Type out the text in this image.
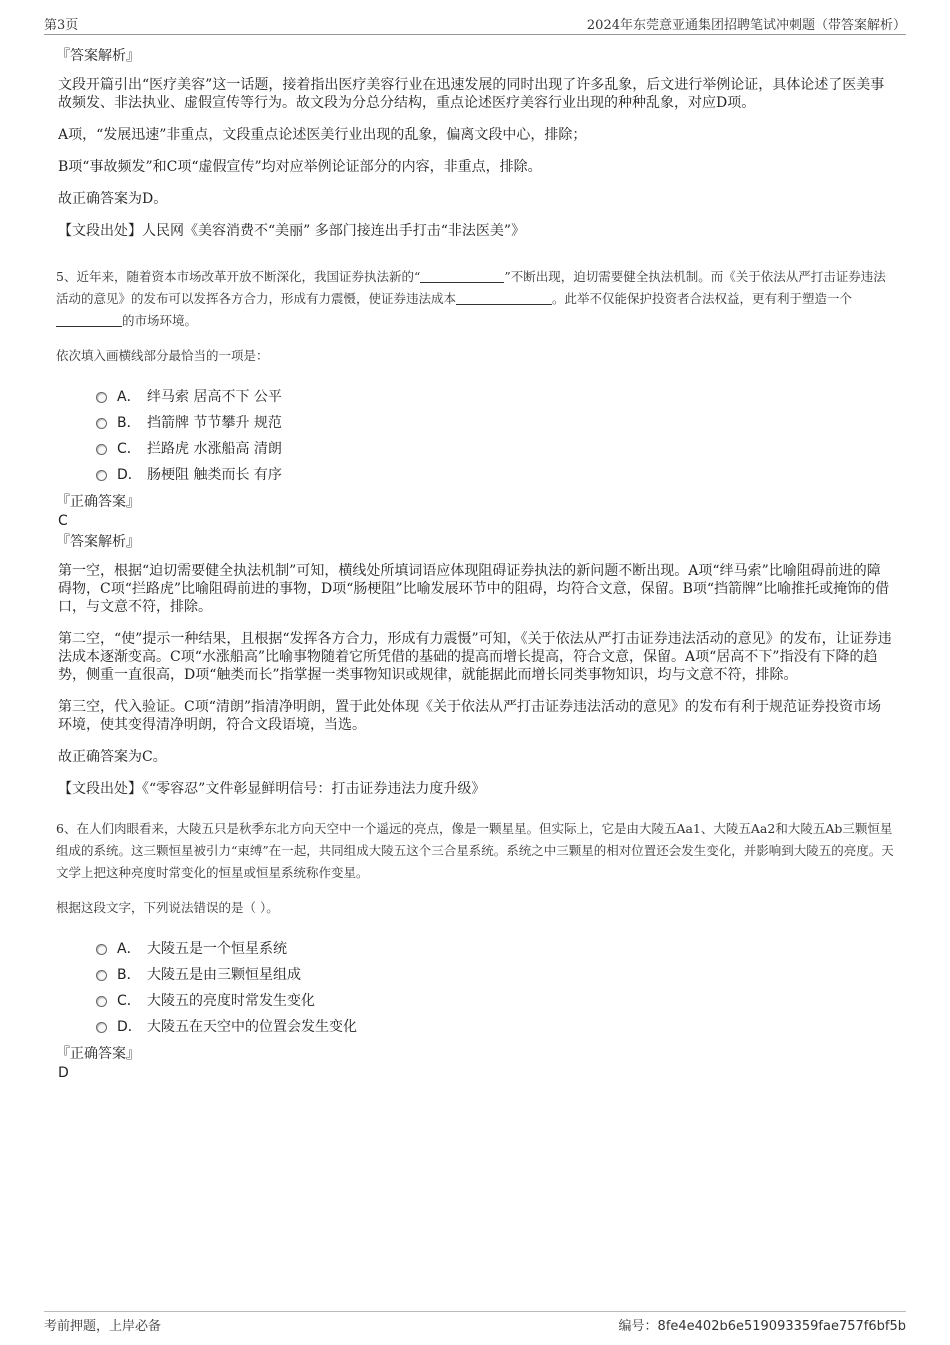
第3页	2024年东莞意亚通集团招聘笔试冲刺题（带答案解析）
『答案解析』
文段开篇引出“医疗美容”这一话题，接着指出医疗美容行业在迅速发展的同时出现了许多乱象，后文进行举例论证，具体论述了医美事故频发、非法执业、虚假宣传等行为。故文段为分总分结构，重点论述医疗美容行业出现的种种乱象，对应D项。
A项，“发展迅速”非重点，文段重点论述医美行业出现的乱象，偏离文段中心，排除；
B项“事故频发”和C项“虚假宣传”均对应举例论证部分的内容，非重点，排除。
故正确答案为D。
【文段出处】人民网《美容消费不“美丽” 多部门接连出手打击“非法医美”》
5、近年来，随着资本市场改革开放不断深化，我国证券执法新的“	”不断出现，迫切需要健全执法机制。而《关于依法从严打击证券违法活动的意见》的发布可以发挥各方合力，形成有力震慑，使证券违法成本	。此举不仅能保护投资者合法权益，更有利于塑造一个的市场环境。
依次填入画横线部分最恰当的一项是：
A． 绊马索 居高不下 公平
B． 挡箭牌 节节攀升 规范
C． 拦路虎 水涨船高 清朗
D． 肠梗阻 触类而长 有序
『正确答案』
C
『答案解析』
第一空，根据“迫切需要健全执法机制”可知，横线处所填词语应体现阻碍证券执法的新问题不断出现。A项“绊马索”比喻阻碍前进的障碍物，C项“拦路虎”比喻阻碍前进的事物，D项“肠梗阻”比喻发展环节中的阻碍，均符合文意，保留。B项“挡箭牌”比喻推托或掩饰的借口，与文意不符，排除。
第二空，“使”提示一种结果，且根据“发挥各方合力，形成有力震慑”可知，《关于依法从严打击证券违法活动的意见》的发布，让证券违法成本逐渐变高。C项“水涨船高”比喻事物随着它所凭借的基础的提高而增长提高，符合文意，保留。A项“居高不下”指没有下降的趋势，侧重一直很高，D项“触类而长”指掌握一类事物知识或规律，就能据此而增长同类事物知识，均与文意不符，排除。
第三空，代入验证。C项“清朗”指清净明朗，置于此处体现《关于依法从严打击证券违法活动的意见》的发布有利于规范证券投资市场环境，使其变得清净明朗，符合文段语境，当选。
故正确答案为C。
【文段出处】《“零容忍”文件彰显鲜明信号：打击证券违法力度升级》
6、在人们肉眼看来，大陵五只是秋季东北方向天空中一个遥远的亮点，像是一颗星星。但实际上，它是由大陵五Aa1、大陵五Aa2和大陵五Ab三颗恒星组成的系统。这三颗恒星被引力“束缚”在一起，共同组成大陵五这个三合星系统。系统之中三颗星的相对位置还会发生变化，并影响到大陵五的亮度。天文学上把这种亮度时常变化的恒星或恒星系统称作变星。
根据这段文字，下列说法错误的是（ ）。
A． 大陵五是一个恒星系统
B． 大陵五是由三颗恒星组成
C． 大陵五的亮度时常发生变化
D． 大陵五在天空中的位置会发生变化
『正确答案』
D
考前押题，上岸必备	编号：8fe4e402b6e519093359fae757f6bf5b
